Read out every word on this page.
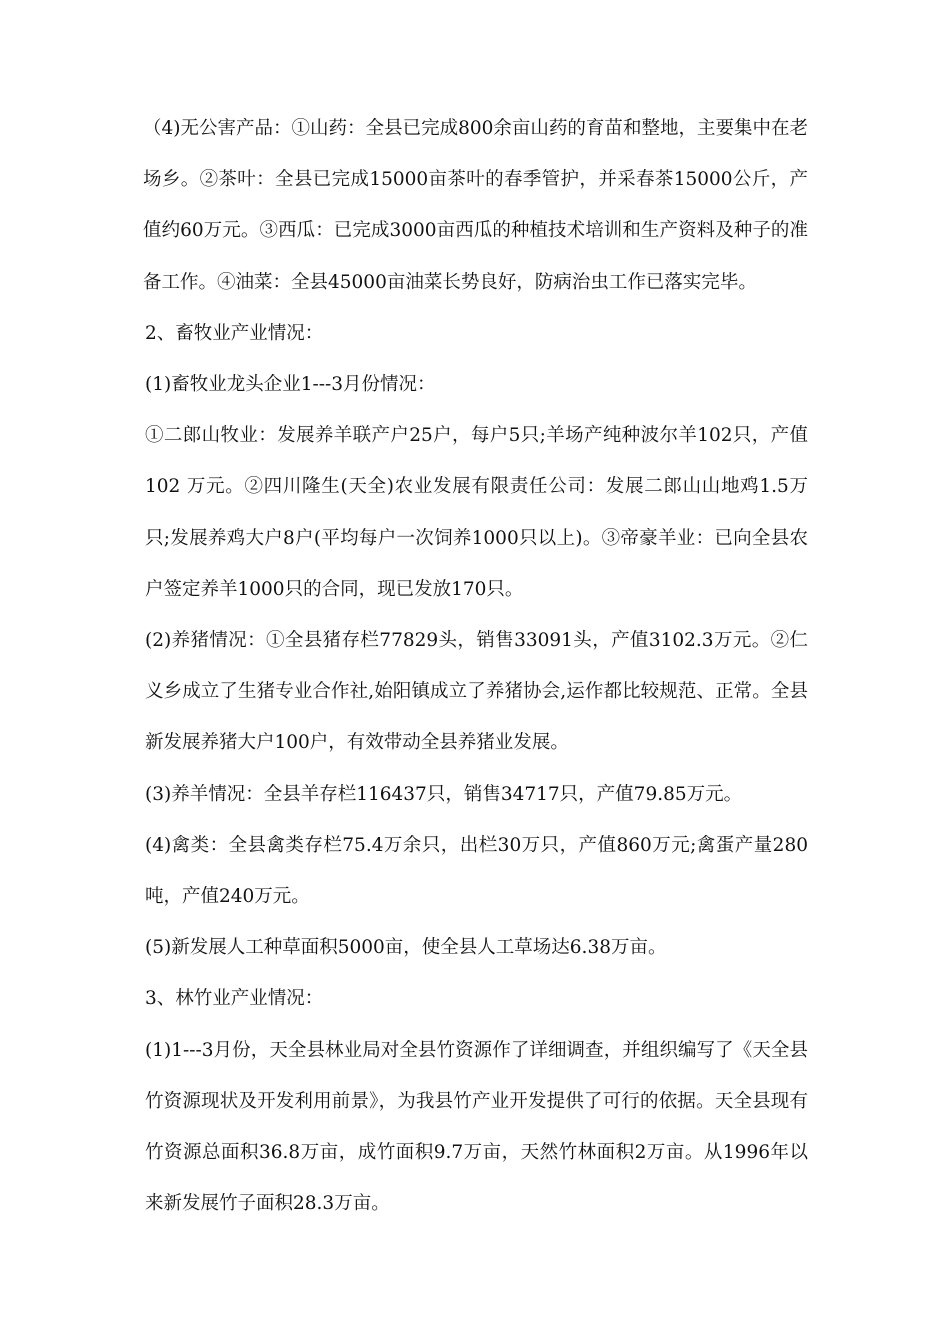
（4)无公害产品：①山药：全县已完成800余亩山药的育苗和整地，主要集中在老场乡。②茶叶：全县已完成15000亩茶叶的春季管护，并采春茶15000公斤，产值约60万元。③西瓜：已完成3000亩西瓜的种植技术培训和生产资料及种子的准备工作。④油菜：全县45000亩油菜长势良好，防病治虫工作已落实完毕。

2、畜牧业产业情况：

(1)畜牧业龙头企业1---3月份情况：

①二郎山牧业：发展养羊联产户25户，每户5只;羊场产纯种波尔羊102只，产值 102 万元。②四川隆生(天全)农业发展有限责任公司：发展二郎山山地鸡1.5万只;发展养鸡大户8户(平均每户一次饲养1000只以上)。③帝豪羊业：已向全县农户签定养羊1000只的合同，现已发放170只。

(2)养猪情况：①全县猪存栏77829头，销售33091头，产值3102.3万元。②仁义乡成立了生猪专业合作社,始阳镇成立了养猪协会,运作都比较规范、正常。全县新发展养猪大户100户，有效带动全县养猪业发展。

(3)养羊情况：全县羊存栏116437只，销售34717只，产值79.85万元。

(4)禽类：全县禽类存栏75.4万余只，出栏30万只，产值860万元;禽蛋产量280吨，产值240万元。

(5)新发展人工种草面积5000亩，使全县人工草场达6.38万亩。

3、林竹业产业情况：

(1)1---3月份，天全县林业局对全县竹资源作了详细调查，并组织编写了《天全县竹资源现状及开发利用前景》，为我县竹产业开发提供了可行的依据。天全县现有竹资源总面积36.8万亩，成竹面积9.7万亩，天然竹林面积2万亩。从1996年以来新发展竹子面积28.3万亩。
